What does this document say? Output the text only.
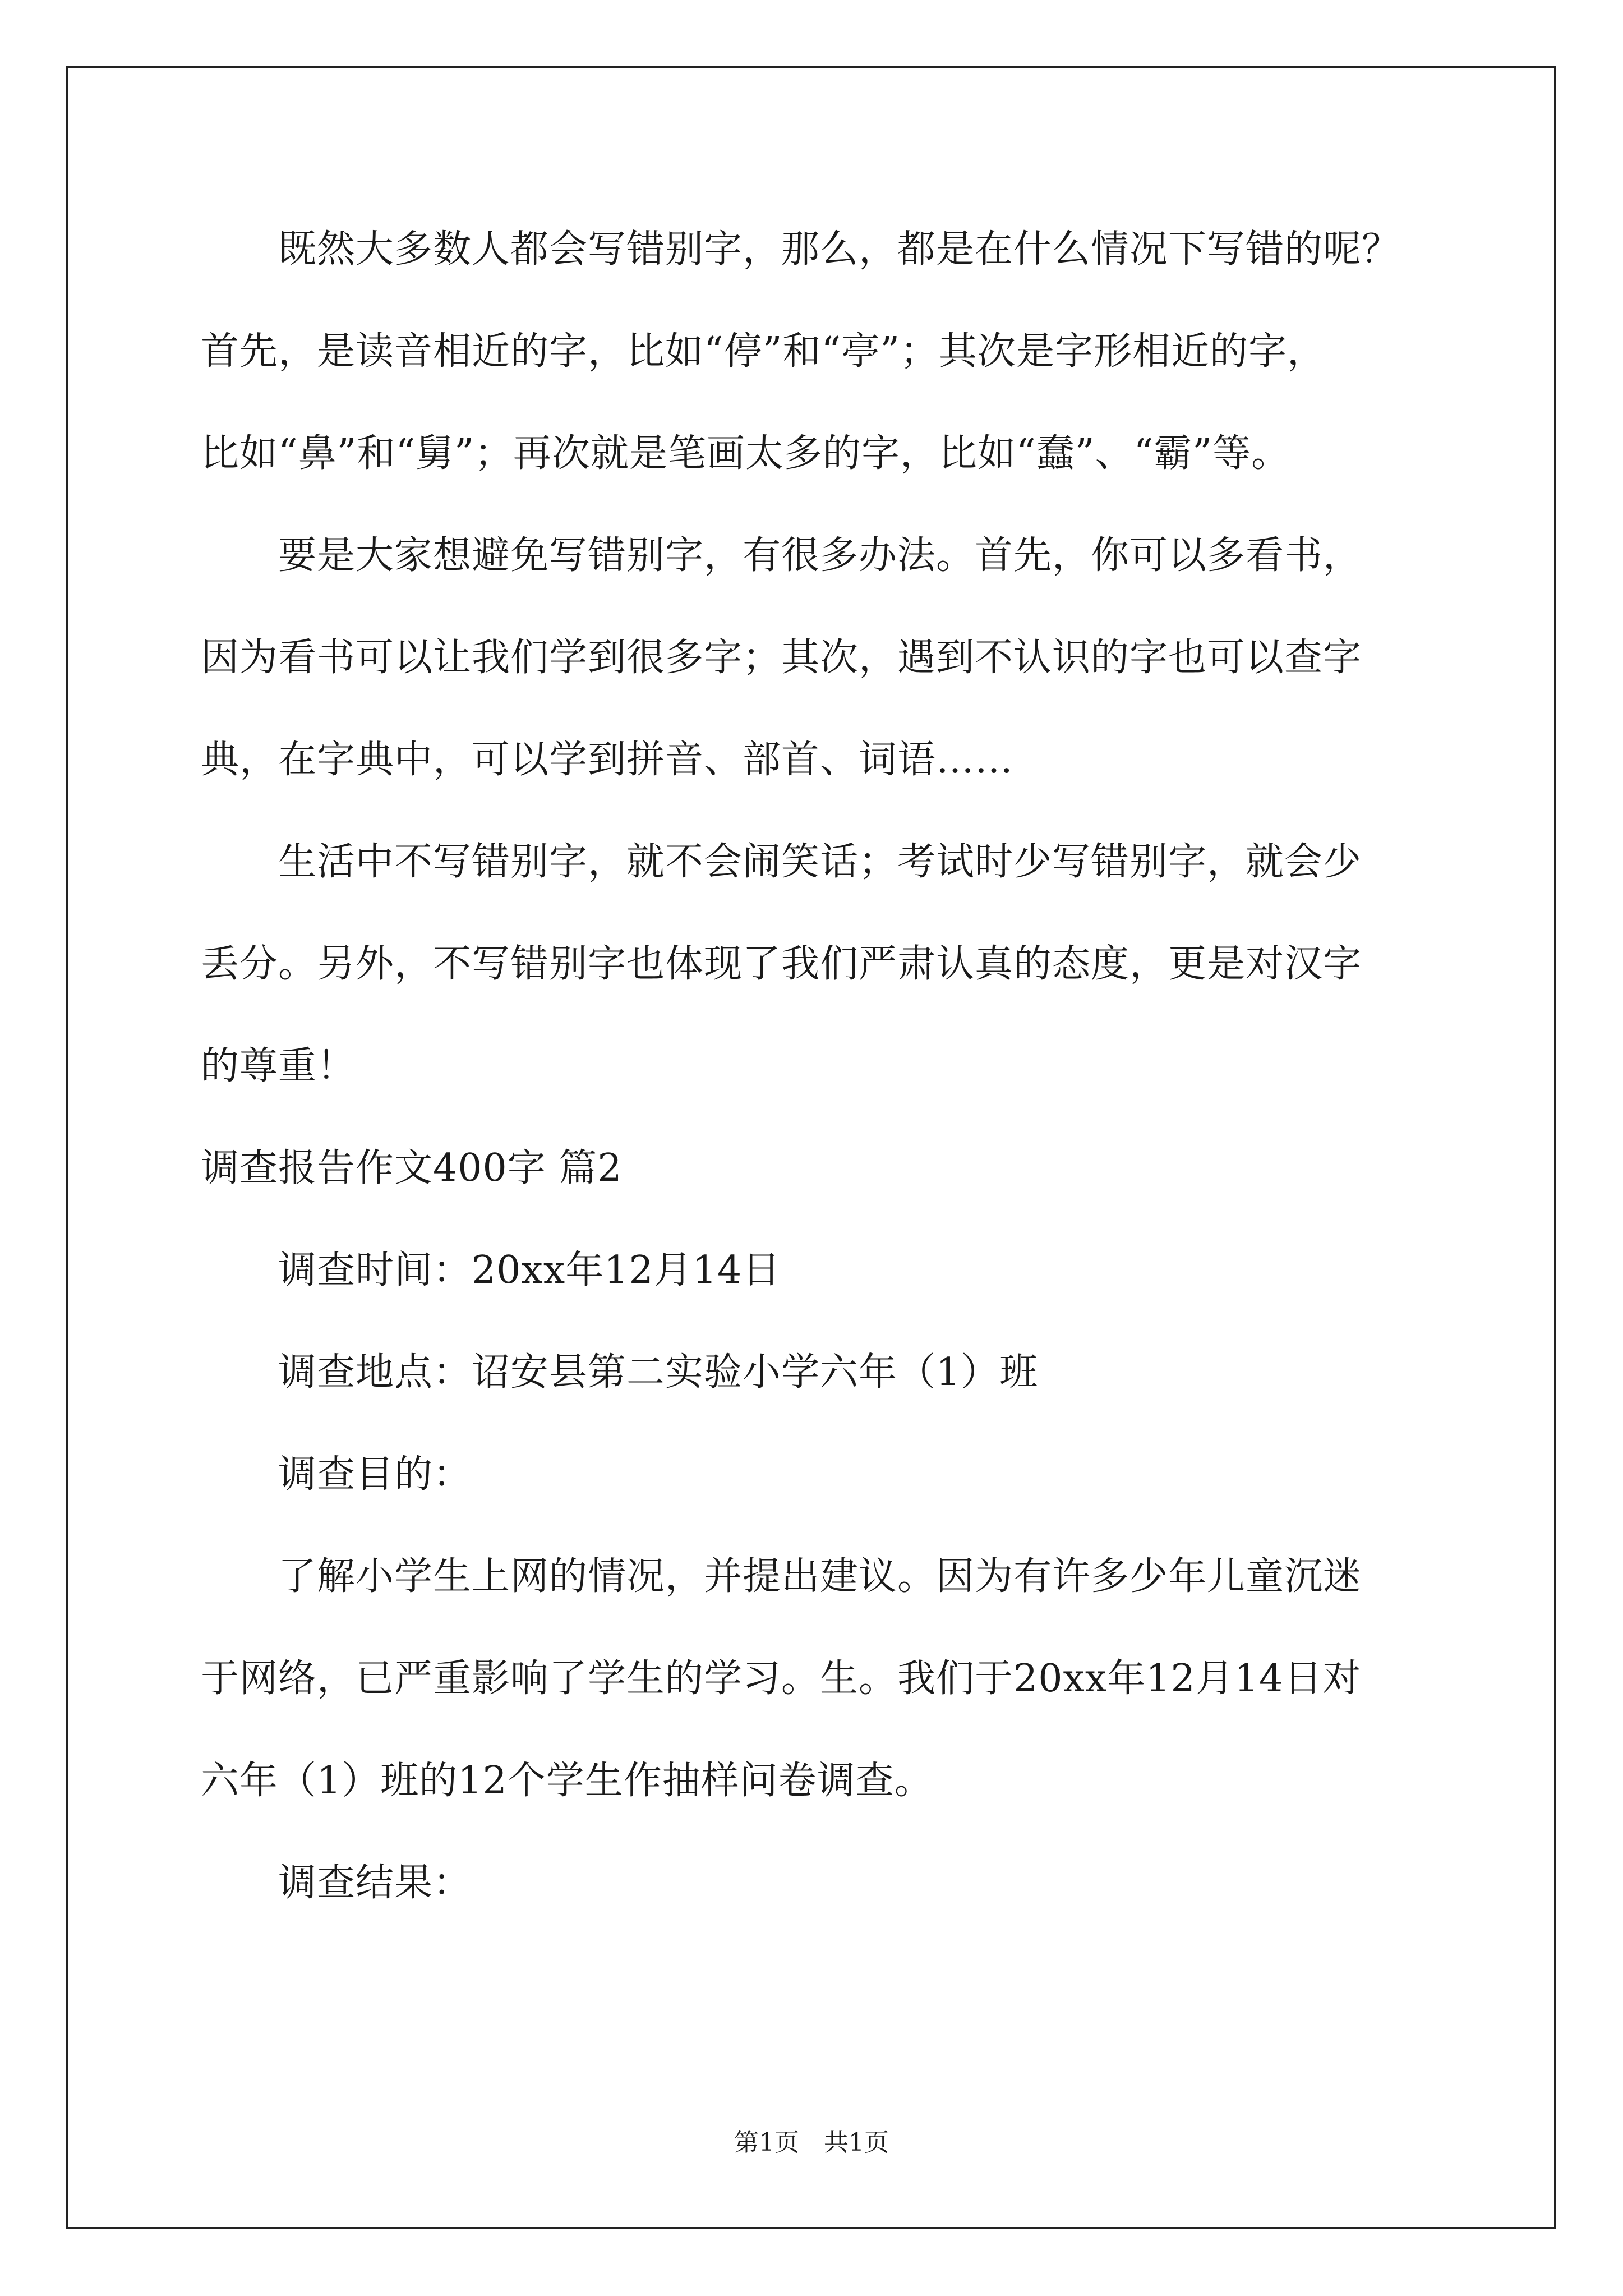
　　既然大多数人都会写错别字，那么，都是在什么情况下写错的呢？
首先，是读音相近的字，比如“停”和“亭”；其次是字形相近的字，
比如“鼻”和“舅”；再次就是笔画太多的字，比如“蠢”、“霸”等。
　　要是大家想避免写错别字，有很多办法。首先，你可以多看书，
因为看书可以让我们学到很多字；其次，遇到不认识的字也可以查字
典，在字典中，可以学到拼音、部首、词语……
　　生活中不写错别字，就不会闹笑话；考试时少写错别字，就会少
丢分。另外，不写错别字也体现了我们严肃认真的态度，更是对汉字
的尊重！
调查报告作文400字 篇2
　　调查时间：20xx年12月14日
　　调查地点：诏安县第二实验小学六年（1）班
　　调查目的：
　　了解小学生上网的情况，并提出建议。因为有许多少年儿童沉迷
于网络，已严重影响了学生的学习。生。我们于20xx年12月14日对
六年（1）班的12个学生作抽样问卷调查。
　　调查结果：
第1页　共1页
